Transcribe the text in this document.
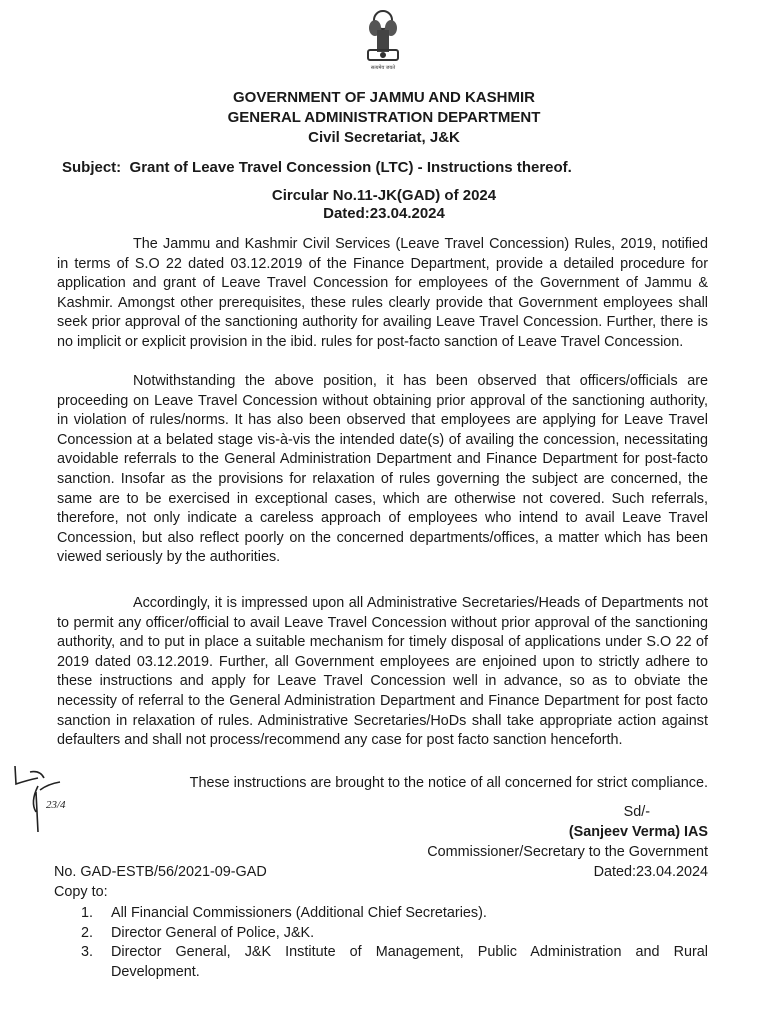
सत्यमेव जयते
GOVERNMENT OF JAMMU AND KASHMIR
GENERAL ADMINISTRATION DEPARTMENT
Civil Secretariat, J&K
Subject: Grant of Leave Travel Concession (LTC) - Instructions thereof.
Circular No.11-JK(GAD) of 2024
Dated:23.04.2024

The Jammu and Kashmir Civil Services (Leave Travel Concession) Rules, 2019, notified in terms of S.O 22 dated 03.12.2019 of the Finance Department, provide a detailed procedure for application and grant of Leave Travel Concession for employees of the Government of Jammu & Kashmir. Amongst other prerequisites, these rules clearly provide that Government employees shall seek prior approval of the sanctioning authority for availing Leave Travel Concession. Further, there is no implicit or explicit provision in the ibid. rules for post-facto sanction of Leave Travel Concession.

Notwithstanding the above position, it has been observed that officers/officials are proceeding on Leave Travel Concession without obtaining prior approval of the sanctioning authority, in violation of rules/norms. It has also been observed that employees are applying for Leave Travel Concession at a belated stage vis-à-vis the intended date(s) of availing the concession, necessitating avoidable referrals to the General Administration Department and Finance Department for post-facto sanction. Insofar as the provisions for relaxation of rules governing the subject are concerned, the same are to be exercised in exceptional cases, which are otherwise not covered. Such referrals, therefore, not only indicate a careless approach of employees who intend to avail Leave Travel Concession, but also reflect poorly on the concerned departments/offices, a matter which has been viewed seriously by the authorities.

Accordingly, it is impressed upon all Administrative Secretaries/Heads of Departments not to permit any officer/official to avail Leave Travel Concession without prior approval of the sanctioning authority, and to put in place a suitable mechanism for timely disposal of applications under S.O 22 of 2019 dated 03.12.2019. Further, all Government employees are enjoined upon to strictly adhere to these instructions and apply for Leave Travel Concession well in advance, so as to obviate the necessity of referral to the General Administration Department and Finance Department for post facto sanction in relaxation of rules. Administrative Secretaries/HoDs shall take appropriate action against defaulters and shall not process/recommend any case for post facto sanction henceforth.

These instructions are brought to the notice of all concerned for strict compliance.
23/4	Sd/-
(Sanjeev Verma) IAS
Commissioner/Secretary to the Government
Dated:23.04.2024
No. GAD-ESTB/56/2021-09-GAD
Copy to:
1. All Financial Commissioners (Additional Chief Secretaries).
2. Director General of Police, J&K.
3. Director General, J&K Institute of Management, Public Administration and Rural Development.
